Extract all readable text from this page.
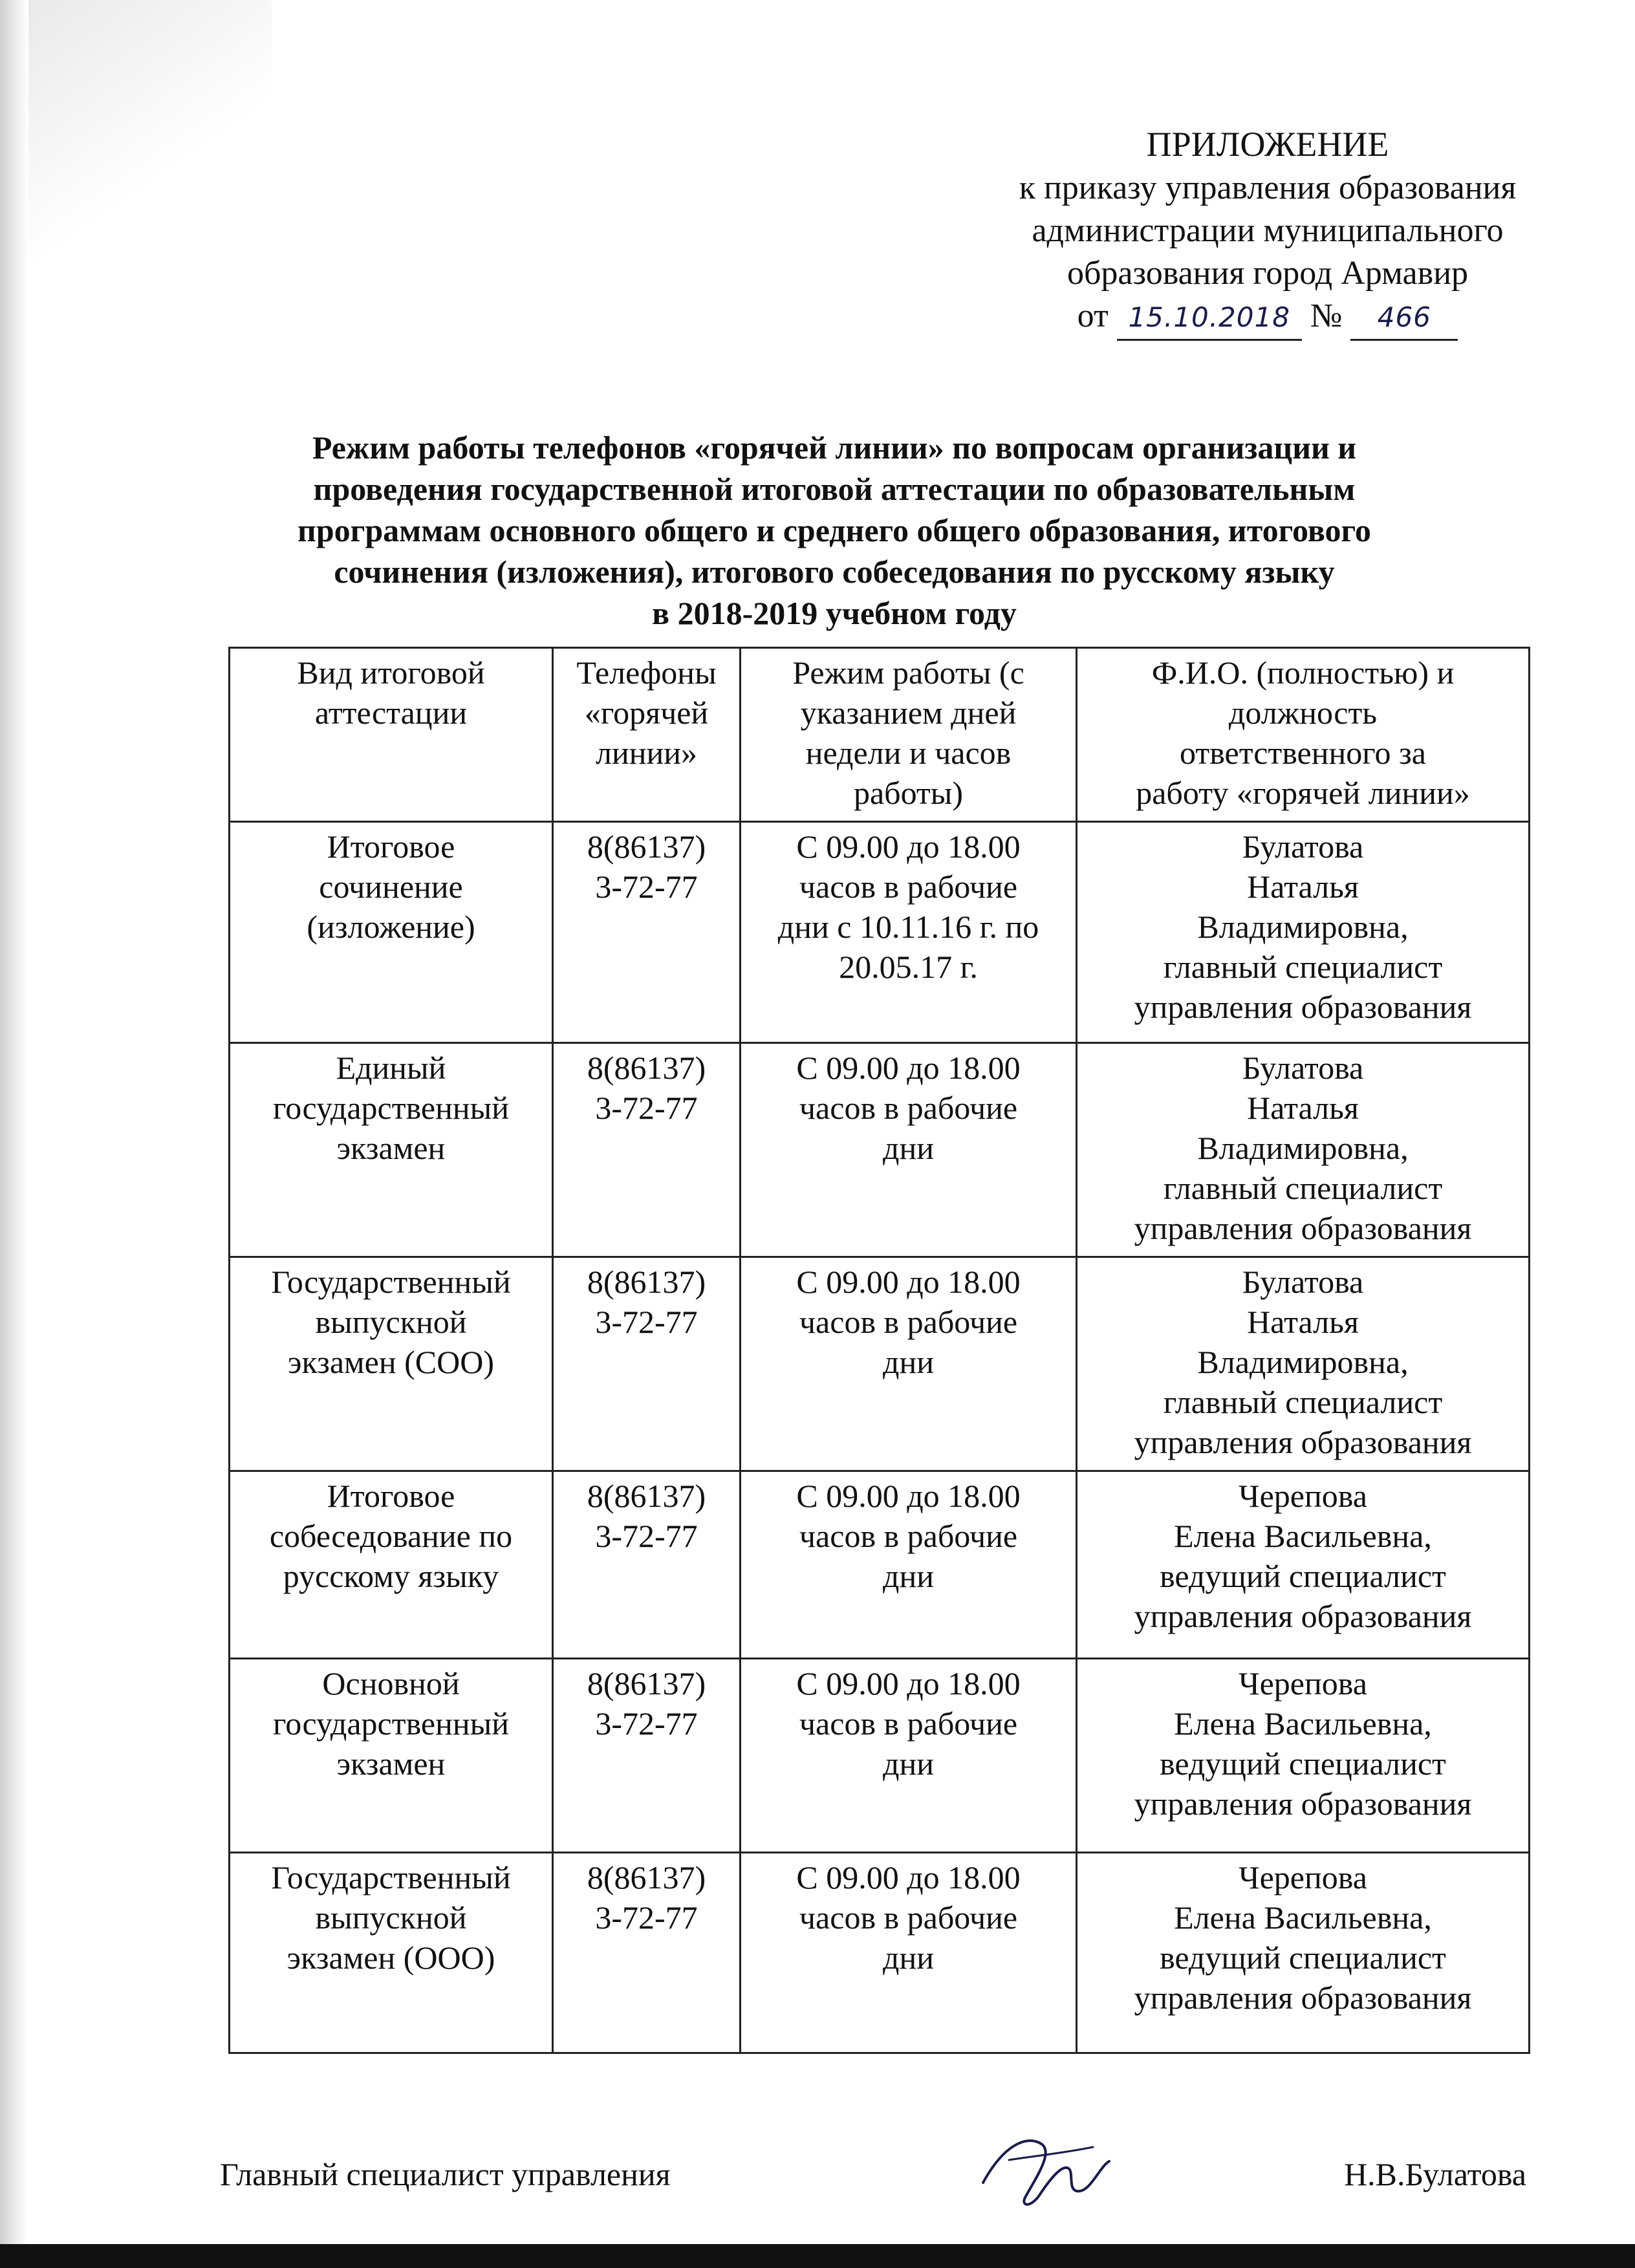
ПРИЛОЖЕНИЕ
к приказу управления образования
администрации муниципального
образования город Армавир
от 15.10.2018 № 466
Режим работы телефонов «горячей линии» по вопросам организации и
проведения государственной итоговой аттестации по образовательным
программам основного общего и среднего общего образования, итогового
сочинения (изложения), итогового собеседования по русскому языку
в 2018-2019 учебном году
Вид итоговой
аттестации	Телефоны
«горячей
линии»	Режим работы (с
указанием дней
недели и часов
работы)	Ф.И.О. (полностью) и
должность
ответственного за
работу «горячей линии»

Итоговое
сочинение
(изложение)	8(86137)
3-72-77	С 09.00 до 18.00
часов в рабочие
дни с 10.11.16 г. по
20.05.17 г.	Булатова
Наталья
Владимировна,
главный специалист
управления образования

Единый
государственный
экзамен	8(86137)
3-72-77	С 09.00 до 18.00
часов в рабочие
дни	Булатова
Наталья
Владимировна,
главный специалист
управления образования

Государственный
выпускной
экзамен (СОО)	8(86137)
3-72-77	С 09.00 до 18.00
часов в рабочие
дни	Булатова
Наталья
Владимировна,
главный специалист
управления образования

Итоговое
собеседование по
русскому языку	8(86137)
3-72-77	С 09.00 до 18.00
часов в рабочие
дни	Черепова
Елена Васильевна,
ведущий специалист
управления образования

Основной
государственный
экзамен	8(86137)
3-72-77	С 09.00 до 18.00
часов в рабочие
дни	Черепова
Елена Васильевна,
ведущий специалист
управления образования

Государственный
выпускной
экзамен (ООО)	8(86137)
3-72-77	С 09.00 до 18.00
часов в рабочие
дни	Черепова
Елена Васильевна,
ведущий специалист
управления образования
Главный специалист управления	Н.В.Булатова
